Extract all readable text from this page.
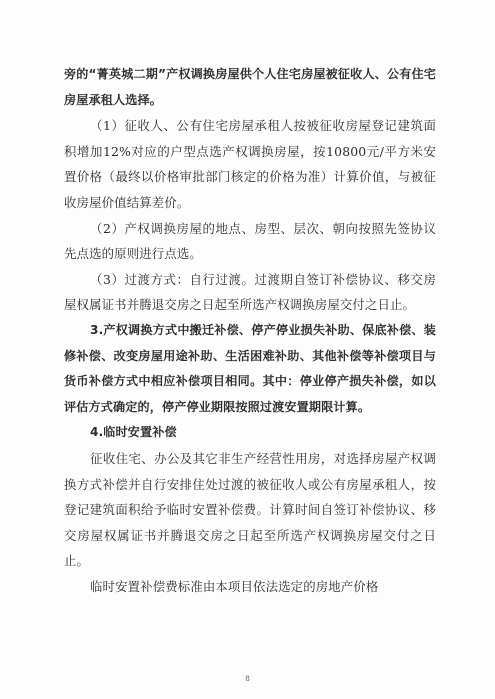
旁的“菁英城二期”产权调换房屋供个人住宅房屋被征收人、公有住宅房屋承租人选择。

（1）征收人、公有住宅房屋承租人按被征收房屋登记建筑面积增加12%对应的户型点选产权调换房屋，按10800元/平方米安置价格（最终以价格审批部门核定的价格为准）计算价值，与被征收房屋价值结算差价。

（2）产权调换房屋的地点、房型、层次、朝向按照先签协议先点选的原则进行点选。

（3）过渡方式：自行过渡。过渡期自签订补偿协议、移交房屋权属证书并腾退交房之日起至所选产权调换房屋交付之日止。

3.产权调换方式中搬迁补偿、停产停业损失补助、保底补偿、装修补偿、改变房屋用途补助、生活困难补助、其他补偿等补偿项目与货币补偿方式中相应补偿项目相同。其中：停业停产损失补偿，如以评估方式确定的，停产停业期限按照过渡安置期限计算。

4.临时安置补偿

征收住宅、办公及其它非生产经营性用房，对选择房屋产权调换方式补偿并自行安排住处过渡的被征收人或公有房屋承租人，按登记建筑面积给予临时安置补偿费。计算时间自签订补偿协议、移交房屋权属证书并腾退交房之日起至所选产权调换房屋交付之日止。

临时安置补偿费标准由本项目依法选定的房地产价格

8
